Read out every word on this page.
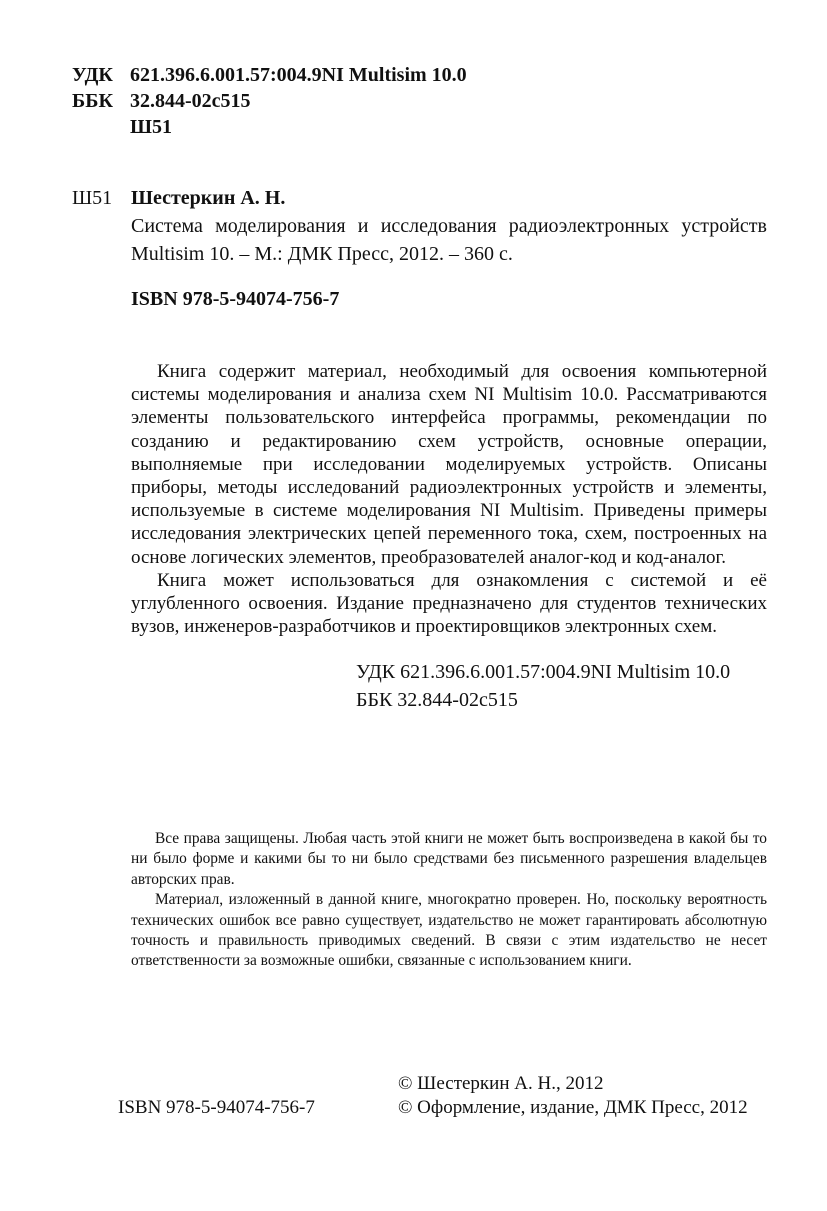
УДК 621.396.6.001.57:004.9NI Multisim 10.0
ББК 32.844-02с515
Ш51
Ш51 Шестеркин А. Н.
Система моделирования и исследования радиоэлектронных устройств Multisim 10. – М.: ДМК Пресс, 2012. – 360 с.
ISBN 978-5-94074-756-7

Книга содержит материал, необходимый для освоения компьютерной системы моделирования и анализа схем NI Multisim 10.0. Рассматриваются элементы пользовательского интерфейса программы, рекомендации по созданию и редактированию схем устройств, основные операции, выполняемые при исследовании моделируемых устройств. Описаны приборы, методы исследований радиоэлектронных устройств и элементы, используемые в системе моделирования NI Multisim. Приведены примеры исследования электрических цепей переменного тока, схем, построенных на основе логических элементов, преобразователей аналог-код и код-аналог.

Книга может использоваться для ознакомления с системой и её углубленного освоения. Издание предназначено для студентов технических вузов, инженеров-разработчиков и проектировщиков электронных схем.

УДК 621.396.6.001.57:004.9NI Multisim 10.0
ББК 32.844-02с515

Все права защищены. Любая часть этой книги не может быть воспроизведена в какой бы то ни было форме и какими бы то ни было средствами без письменного разрешения владельцев авторских прав.

Материал, изложенный в данной книге, многократно проверен. Но, поскольку вероятность технических ошибок все равно существует, издательство не может гарантировать абсолютную точность и правильность приводимых сведений. В связи с этим издательство не несет ответственности за возможные ошибки, связанные с использованием книги.

ISBN 978-5-94074-756-7
© Шестеркин А. Н., 2012
© Оформление, издание, ДМК Пресс, 2012
